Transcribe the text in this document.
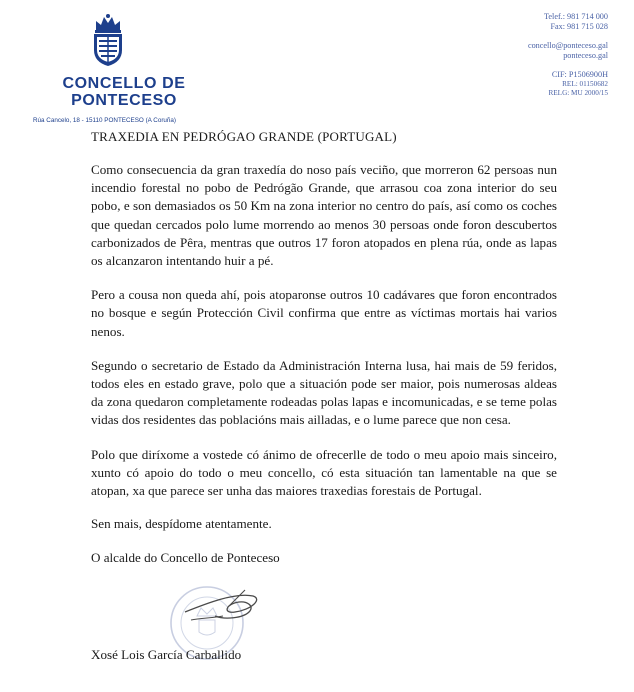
CONCELLO DE
PONTECESO
Rúa Cancelo, 18 - 15110 PONTECESO (A Coruña)
Telef.: 981 714 000
Fax: 981 715 028
concello@ponteceso.gal
ponteceso.gal
CIF: P1506900H
REL: 01150682
RELG: MU 2000/15
TRAXEDIA EN PEDRÓGAO GRANDE (PORTUGAL)

Como consecuencia da gran traxedía do noso país veciño, que morreron 62 persoas nun incendio forestal no pobo de Pedrógão Grande, que arrasou coa zona interior do seu pobo, e son demasiados os 50 Km na zona interior no centro do país, así como os coches que quedan cercados polo lume morrendo ao menos 30 persoas onde foron descubertos carbonizados de Pêra, mentras que outros 17 foron atopados en plena rúa, onde as lapas os alcanzaron intentando huir a pé.

Pero a cousa non queda ahí, pois atoparonse outros 10 cadávares que foron encontrados no bosque e según Protección Civil confirma que entre as víctimas mortais hai varios nenos.

Segundo o secretario de Estado da Administración Interna lusa, hai mais de 59 feridos, todos eles en estado grave, polo que a situación pode ser maior, pois numerosas aldeas da zona quedaron completamente rodeadas polas lapas e incomunicadas, e se teme polas vidas dos residentes das poblacións mais ailladas, e o lume parece que non cesa.

Polo que diríxome a vostede có ánimo de ofrecerlle de todo o meu apoio mais sinceiro, xunto có apoio do todo o meu concello, có esta situación tan lamentable na que se atopan, xa que parece ser unha das maiores traxedias forestais de Portugal.

Sen mais, despídome atentamente.
O alcalde do Concello de Ponteceso
Xosé Lois García Carballido
